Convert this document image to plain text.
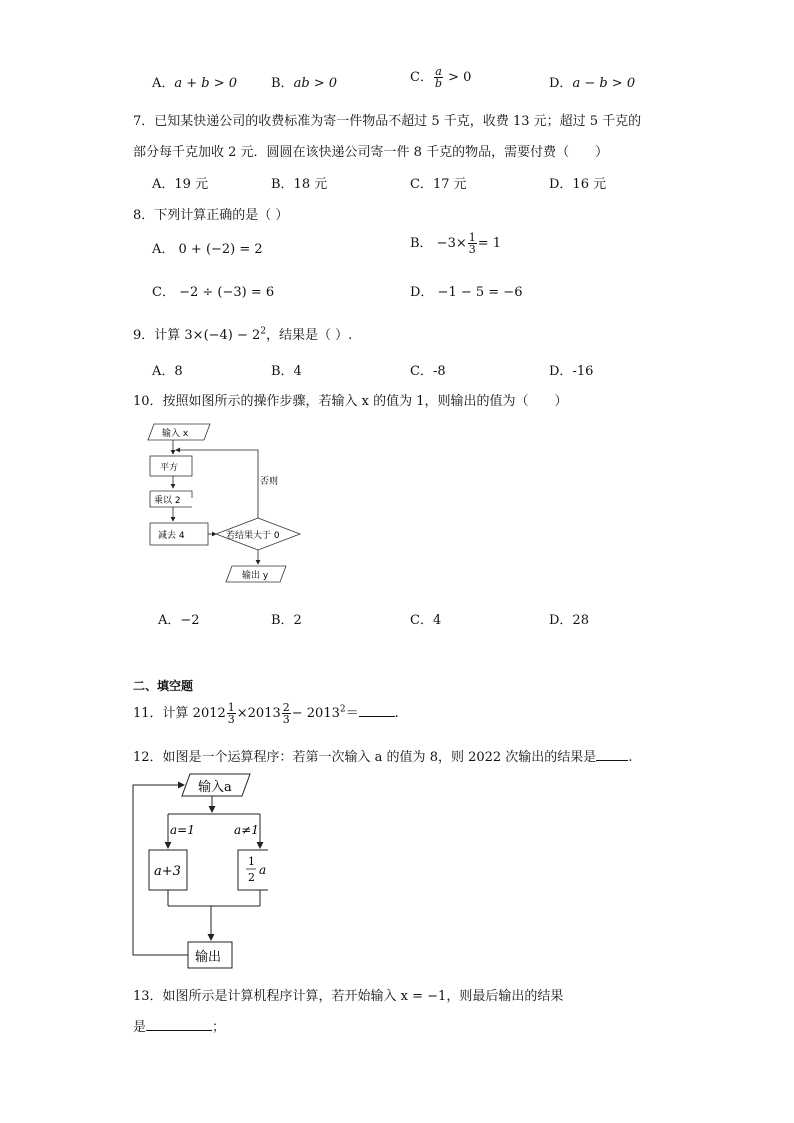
A．a + b > 0	B．ab > 0	C． $\frac{a}{b} > 0$	D．a − b > 0
7．已知某快递公司的收费标准为寄一件物品不超过 5 千克，收费 13 元；超过 5 千克的
部分每千克加收 2 元．圆圆在该快递公司寄一件 8 千克的物品，需要付费（　　）
A．19 元	B．18 元	C．17 元	D．16 元
8．下列计算正确的是（ ）
A． 0 + (−2) = 2	B． $-3\times \frac{1}{3} = 1$
C． −2 ÷ (−3) = 6	D． −1 − 5 = −6
9．计算 $3\times(-4) - 2^2$，结果是（ ）.
A．8	B．4	C．-8	D．-16
10．按照如图所示的操作步骤，若输入 x 的值为 1，则输出的值为（　　）
输入 x
平方
乘以 2
减去 4	若结果大于 0
否则
输出 y
A．−2	B．2	C．4	D．28
二、填空题
11．计算 $2012 \frac{1}{3} \times 2013 \frac{2}{3} - 2013^2=$	.
12．如图是一个运算程序：若第一次输入 a 的值为 8，则 2022 次输出的结果是 .
输入a
a=1	a≠1
a+3
1
2
a
输出
13．如图所示是计算机程序计算，若开始输入 x = −1，则最后输出的结果
是	；
